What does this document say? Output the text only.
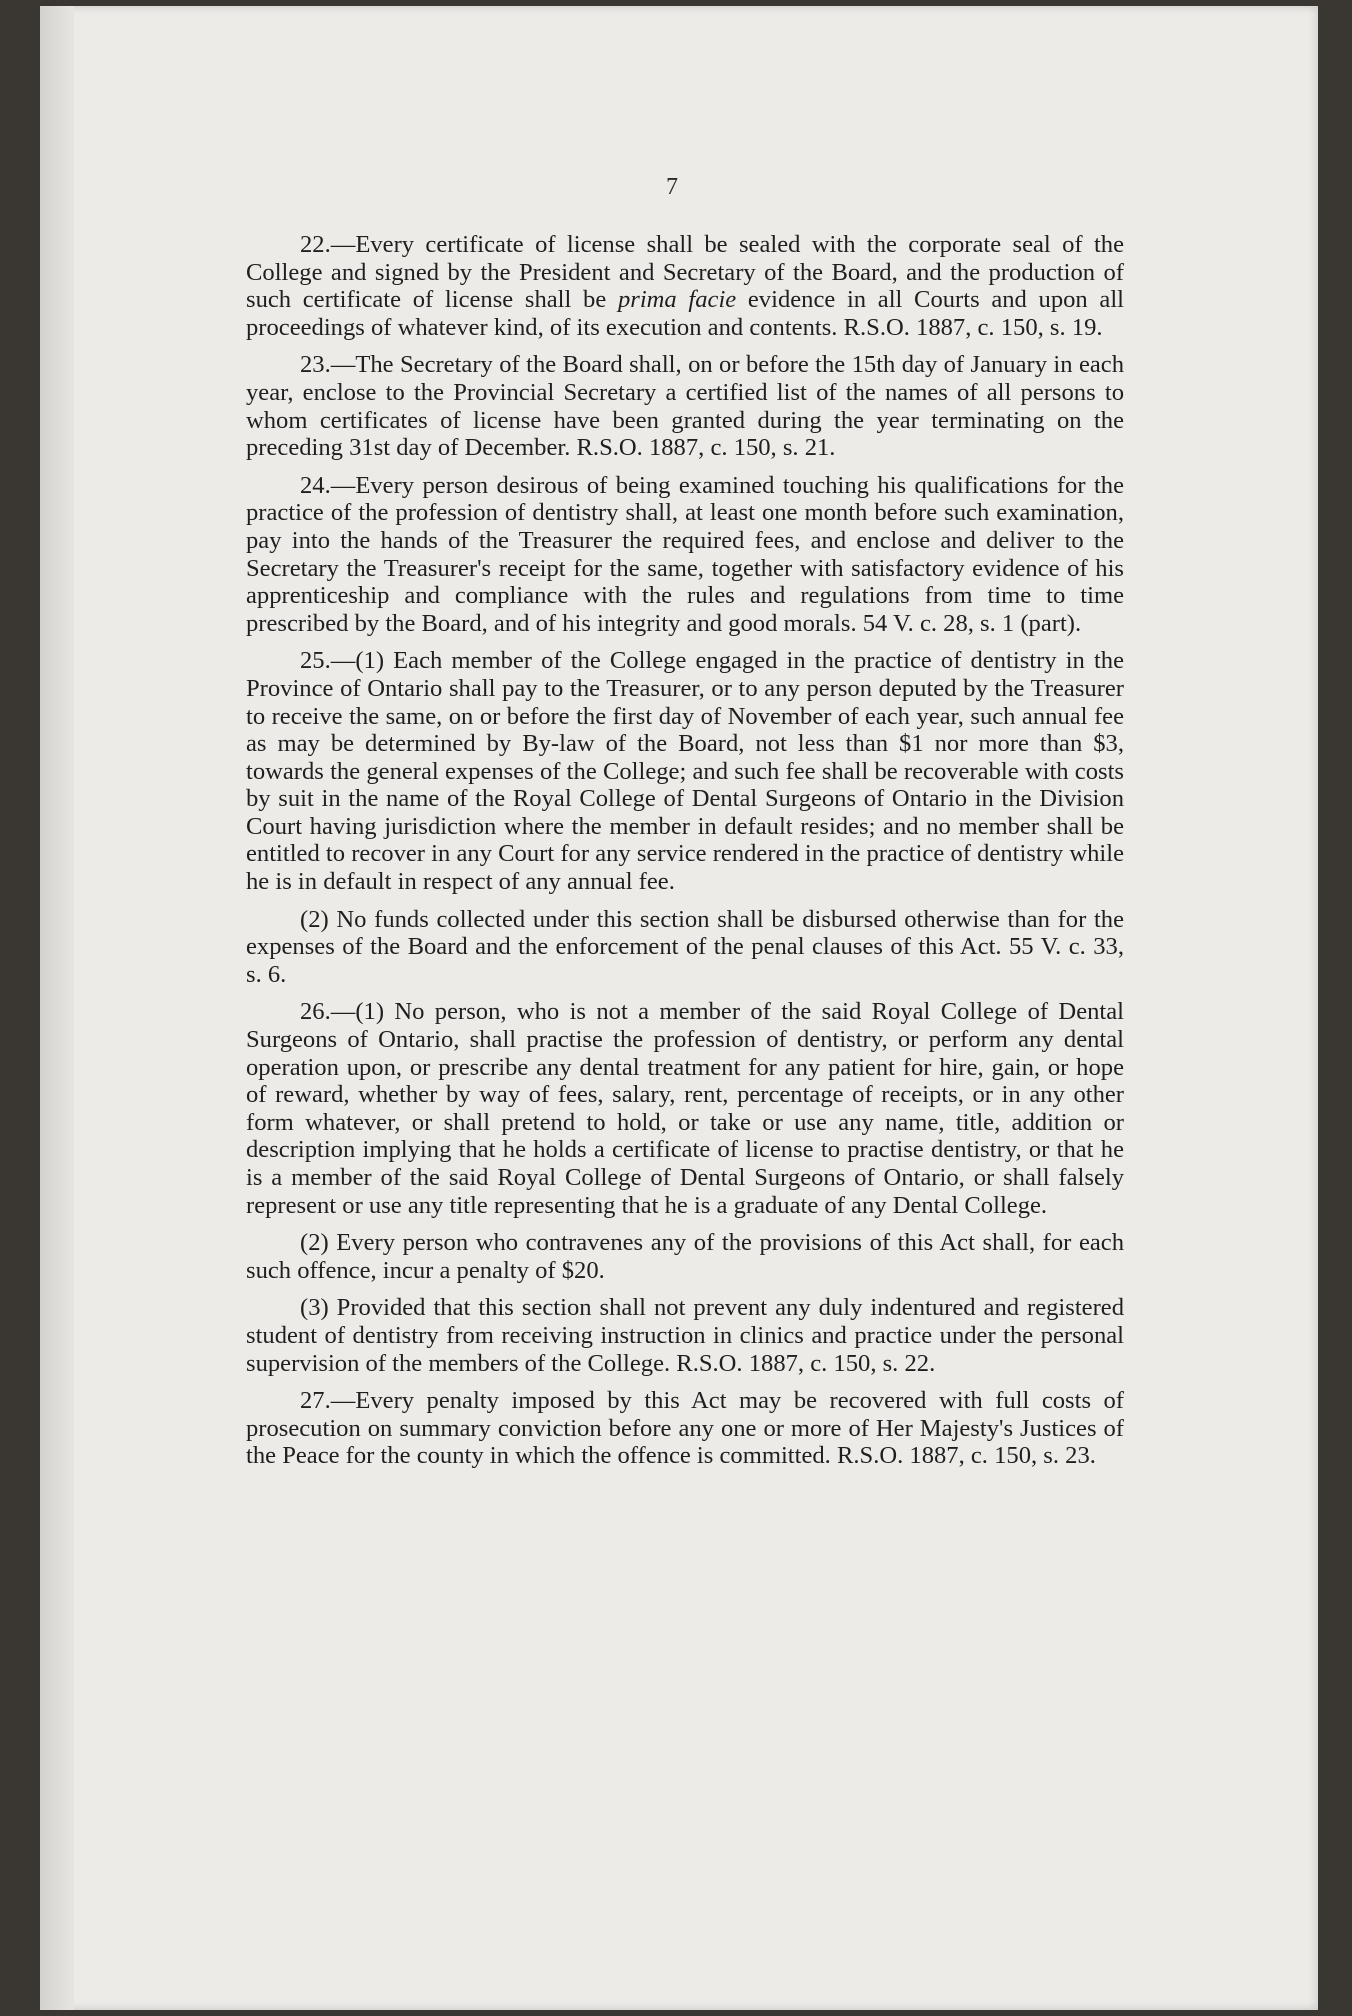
7

22.—Every certificate of license shall be sealed with the corporate seal of the College and signed by the President and Secretary of the Board, and the production of such certificate of license shall be prima facie evidence in all Courts and upon all proceedings of whatever kind, of its execution and contents. R.S.O. 1887, c. 150, s. 19.

23.—The Secretary of the Board shall, on or before the 15th day of January in each year, enclose to the Provincial Secretary a certified list of the names of all persons to whom certificates of license have been granted during the year terminating on the preceding 31st day of December. R.S.O. 1887, c. 150, s. 21.

24.—Every person desirous of being examined touching his qualifications for the practice of the profession of dentistry shall, at least one month before such examination, pay into the hands of the Treasurer the required fees, and enclose and deliver to the Secretary the Treasurer's receipt for the same, together with satisfactory evidence of his apprenticeship and compliance with the rules and regulations from time to time prescribed by the Board, and of his integrity and good morals. 54 V. c. 28, s. 1 (part).

25.—(1) Each member of the College engaged in the practice of dentistry in the Province of Ontario shall pay to the Treasurer, or to any person deputed by the Treasurer to receive the same, on or before the first day of November of each year, such annual fee as may be determined by By-law of the Board, not less than $1 nor more than $3, towards the general expenses of the College; and such fee shall be recoverable with costs by suit in the name of the Royal College of Dental Surgeons of Ontario in the Division Court having jurisdiction where the member in default resides; and no member shall be entitled to recover in any Court for any service rendered in the practice of dentistry while he is in default in respect of any annual fee.

(2) No funds collected under this section shall be disbursed otherwise than for the expenses of the Board and the enforcement of the penal clauses of this Act. 55 V. c. 33, s. 6.

26.—(1) No person, who is not a member of the said Royal College of Dental Surgeons of Ontario, shall practise the profession of dentistry, or perform any dental operation upon, or prescribe any dental treatment for any patient for hire, gain, or hope of reward, whether by way of fees, salary, rent, percentage of receipts, or in any other form whatever, or shall pretend to hold, or take or use any name, title, addition or description implying that he holds a certificate of license to practise dentistry, or that he is a member of the said Royal College of Dental Surgeons of Ontario, or shall falsely represent or use any title representing that he is a graduate of any Dental College.

(2) Every person who contravenes any of the provisions of this Act shall, for each such offence, incur a penalty of $20.

(3) Provided that this section shall not prevent any duly indentured and registered student of dentistry from receiving instruction in clinics and practice under the personal supervision of the members of the College. R.S.O. 1887, c. 150, s. 22.

27.—Every penalty imposed by this Act may be recovered with full costs of prosecution on summary conviction before any one or more of Her Majesty's Justices of the Peace for the county in which the offence is committed. R.S.O. 1887, c. 150, s. 23.
